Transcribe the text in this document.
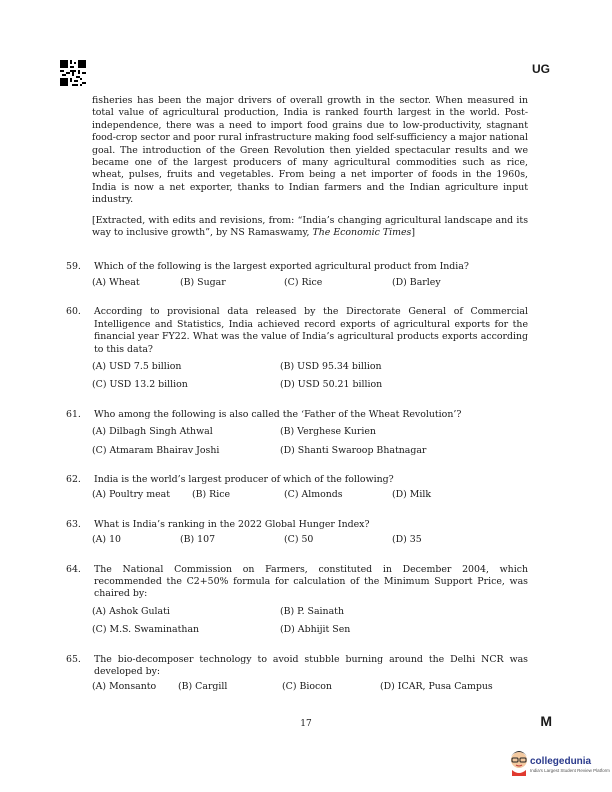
UG

fisheries has been the major drivers of overall growth in the sector. When measured in total value of agricultural production, India is ranked fourth largest in the world. Post-independence, there was a need to import food grains due to low-productivity, stagnant food-crop sector and poor rural infrastructure making food self-sufficiency a major national goal. The introduction of the Green Revolution then yielded spectacular results and we became one of the largest producers of many agricultural commodities such as rice, wheat, pulses, fruits and vegetables. From being a net importer of foods in the 1960s, India is now a net exporter, thanks to Indian farmers and the Indian agriculture input industry.

[Extracted, with edits and revisions, from: “India’s changing agricultural landscape and its way to inclusive growth”, by NS Ramaswamy, The Economic Times]

59.	Which of the following is the largest exported agricultural product from India?
(A) Wheat	(B) Sugar	(C) Rice	(D) Barley
60.	According to provisional data released by the Directorate General of Commercial Intelligence and Statistics, India achieved record exports of agricultural exports for the financial year FY22. What was the value of India’s agricultural products exports according to this data?
(A) USD 7.5 billion	(B) USD 95.34 billion
(C) USD 13.2 billion	(D) USD 50.21 billion
61.	Who among the following is also called the ‘Father of the Wheat Revolution’?
(A) Dilbagh Singh Athwal	(B) Verghese Kurien
(C) Atmaram Bhairav Joshi	(D) Shanti Swaroop Bhatnagar
62.	India is the world’s largest producer of which of the following?
(A) Poultry meat	(B) Rice	(C) Almonds	(D) Milk
63.	What is India’s ranking in the 2022 Global Hunger Index?
(A) 10	(B) 107	(C) 50	(D) 35
64.	The National Commission on Farmers, constituted in December 2004, which recommended the C2+50% formula for calculation of the Minimum Support Price, was chaired by:
(A) Ashok Gulati	(B) P. Sainath
(C) M.S. Swaminathan	(D) Abhijit Sen
65.	The bio-decomposer technology to avoid stubble burning around the Delhi NCR was developed by:
(A) Monsanto	(B) Cargill	(C) Biocon	(D) ICAR, Pusa Campus
17	M
collegedunia
India's Largest Student Review Platform
